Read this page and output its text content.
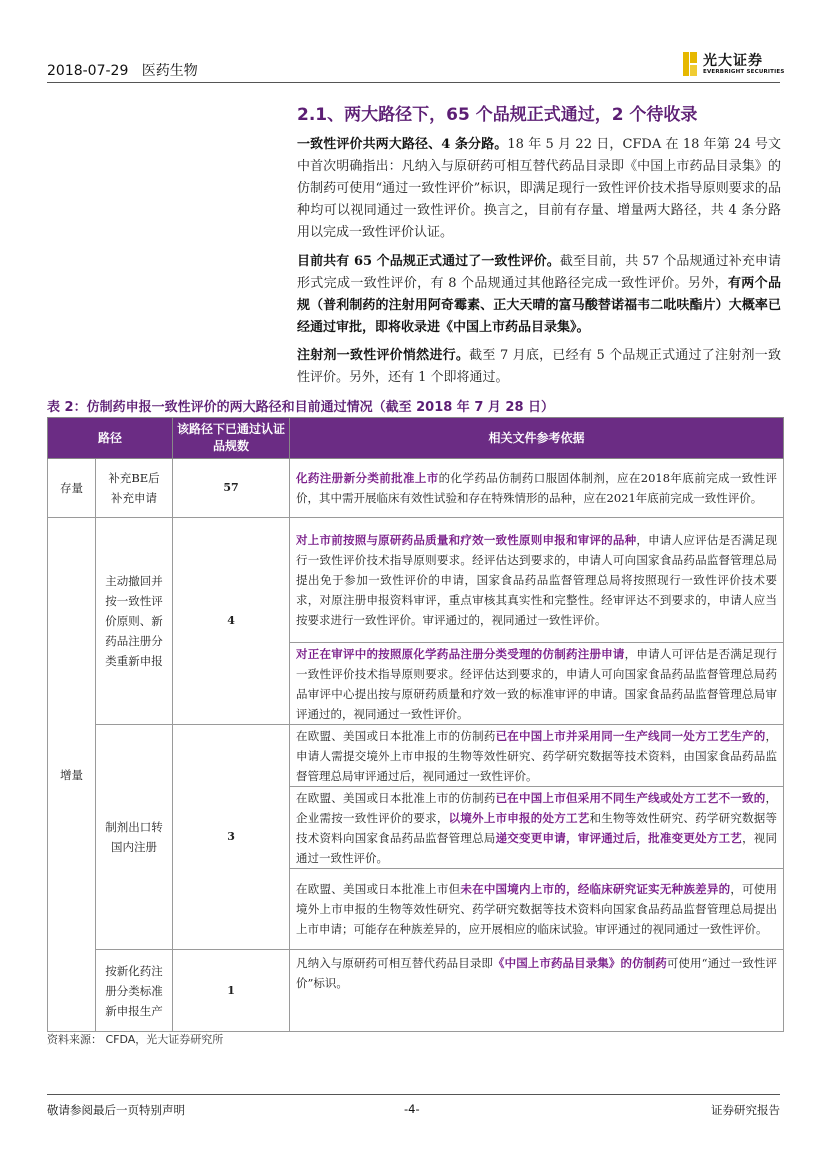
2018-07-29 医药生物
光大证券
EVERBRIGHT SECURITIES
2.1、两大路径下，65 个品规正式通过，2 个待收录
一致性评价共两大路径、4 条分路。18 年 5 月 22 日，CFDA 在 18 年第 24 号文中首次明确指出：凡纳入与原研药可相互替代药品目录即《中国上市药品目录集》的仿制药可使用“通过一致性评价”标识，即满足现行一致性评价技术指导原则要求的品种均可以视同通过一致性评价。换言之，目前有存量、增量两大路径，共 4 条分路用以完成一致性评价认证。
目前共有 65 个品规正式通过了一致性评价。截至目前，共 57 个品规通过补充申请形式完成一致性评价，有 8 个品规通过其他路径完成一致性评价。另外，有两个品规（普利制药的注射用阿奇霉素、正大天晴的富马酸替诺福韦二吡呋酯片）大概率已经通过审批，即将收录进《中国上市药品目录集》。
注射剂一致性评价悄然进行。截至 7 月底，已经有 5 个品规正式通过了注射剂一致性评价。另外，还有 1 个即将通过。
表 2：仿制药申报一致性评价的两大路径和目前通过情况（截至 2018 年 7 月 28 日）
路径		该路径下已通过认证品规数	相关文件参考依据
存量	补充BE后补充申请	57	化药注册新分类前批准上市的化学药品仿制药口服固体制剂，应在2018年底前完成一致性评价，其中需开展临床有效性试验和存在特殊情形的品种，应在2021年底前完成一致性评价。
增量	主动撤回并按一致性评价原则、新药品注册分类重新申报	4	对上市前按照与原研药品质量和疗效一致性原则申报和审评的品种，申请人应评估是否满足现行一致性评价技术指导原则要求。经评估达到要求的，申请人可向国家食品药品监督管理总局提出免于参加一致性评价的申请，国家食品药品监督管理总局将按照现行一致性评价技术要求，对原注册申报资料审评，重点审核其真实性和完整性。经审评达不到要求的，申请人应当按要求进行一致性评价。审评通过的，视同通过一致性评价。
			对正在审评中的按照原化学药品注册分类受理的仿制药注册申请，申请人可评估是否满足现行一致性评价技术指导原则要求。经评估达到要求的，申请人可向国家食品药品监督管理总局药品审评中心提出按与原研药质量和疗效一致的标准审评的申请。国家食品药品监督管理总局审评通过的，视同通过一致性评价。
	制剂出口转国内注册	3	在欧盟、美国或日本批准上市的仿制药已在中国上市并采用同一生产线同一处方工艺生产的，申请人需提交境外上市申报的生物等效性研究、药学研究数据等技术资料，由国家食品药品监督管理总局审评通过后，视同通过一致性评价。
			在欧盟、美国或日本批准上市的仿制药已在中国上市但采用不同生产线或处方工艺不一致的，企业需按一致性评价的要求，以境外上市申报的处方工艺和生物等效性研究、药学研究数据等技术资料向国家食品药品监督管理总局递交变更申请，审评通过后，批准变更处方工艺，视同通过一致性评价。
			在欧盟、美国或日本批准上市但未在中国境内上市的，经临床研究证实无种族差异的，可使用境外上市申报的生物等效性研究、药学研究数据等技术资料向国家食品药品监督管理总局提出上市申请；可能存在种族差异的，应开展相应的临床试验。审评通过的视同通过一致性评价。
	按新化药注册分类标准新申报生产	1	凡纳入与原研药可相互替代药品目录即《中国上市药品目录集》的仿制药可使用“通过一致性评价”标识。
资料来源： CFDA，光大证券研究所
敬请参阅最后一页特别声明	-4-	证券研究报告
